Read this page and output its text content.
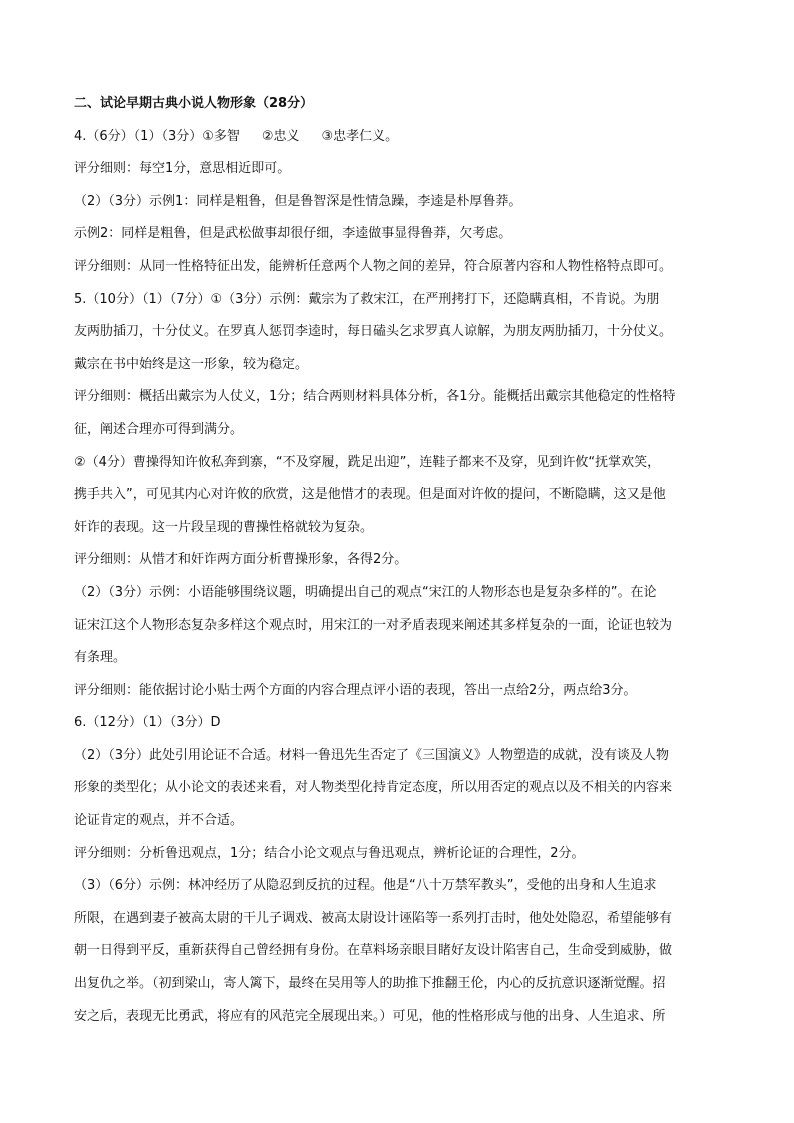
二、试论早期古典小说人物形象（28分）
4.（6分）（1）（3分）①多智 ②忠义 ③忠孝仁义。
评分细则：每空1分，意思相近即可。
（2）（3分）示例1：同样是粗鲁，但是鲁智深是性情急躁，李逵是朴厚鲁莽。
示例2：同样是粗鲁，但是武松做事却很仔细，李逵做事显得鲁莽，欠考虑。
评分细则：从同一性格特征出发，能辨析任意两个人物之间的差异，符合原著内容和人物性格特点即可。
5.（10分）（1）（7分）①（3分）示例：戴宗为了救宋江，在严刑拷打下，还隐瞒真相，不肯说。为朋
友两肋插刀，十分仗义。在罗真人惩罚李逵时，每日磕头乞求罗真人谅解，为朋友两肋插刀，十分仗义。
戴宗在书中始终是这一形象，较为稳定。
评分细则：概括出戴宗为人仗义，1分；结合两则材料具体分析，各1分。能概括出戴宗其他稳定的性格特
征，阐述合理亦可得到满分。
②（4分）曹操得知许攸私奔到寨，“不及穿履，跣足出迎”，连鞋子都来不及穿，见到许攸“抚掌欢笑，
携手共入”，可见其内心对许攸的欣赏，这是他惜才的表现。但是面对许攸的提问，不断隐瞒，这又是他
奸诈的表现。这一片段呈现的曹操性格就较为复杂。
评分细则：从惜才和奸诈两方面分析曹操形象，各得2分。
（2）（3分）示例：小语能够围绕议题，明确提出自己的观点“宋江的人物形态也是复杂多样的”。在论
证宋江这个人物形态复杂多样这个观点时，用宋江的一对矛盾表现来阐述其多样复杂的一面，论证也较为
有条理。
评分细则：能依据讨论小贴士两个方面的内容合理点评小语的表现，答出一点给2分，两点给3分。
6.（12分）（1）（3分）D
（2）（3分）此处引用论证不合适。材料一鲁迅先生否定了《三国演义》人物塑造的成就，没有谈及人物
形象的类型化；从小论文的表述来看，对人物类型化持肯定态度，所以用否定的观点以及不相关的内容来
论证肯定的观点，并不合适。
评分细则：分析鲁迅观点，1分；结合小论文观点与鲁迅观点，辨析论证的合理性，2分。
（3）（6分）示例：林冲经历了从隐忍到反抗的过程。他是“八十万禁军教头”，受他的出身和人生追求
所限，在遇到妻子被高太尉的干儿子调戏、被高太尉设计诬陷等一系列打击时，他处处隐忍，希望能够有
朝一日得到平反，重新获得自己曾经拥有身份。在草料场亲眼目睹好友设计陷害自己，生命受到威胁，做
出复仇之举。（初到梁山，寄人篱下，最终在吴用等人的助推下推翻王伦，内心的反抗意识逐渐觉醒。招
安之后，表现无比勇武，将应有的风范完全展现出来。）可见，他的性格形成与他的出身、人生追求、所
